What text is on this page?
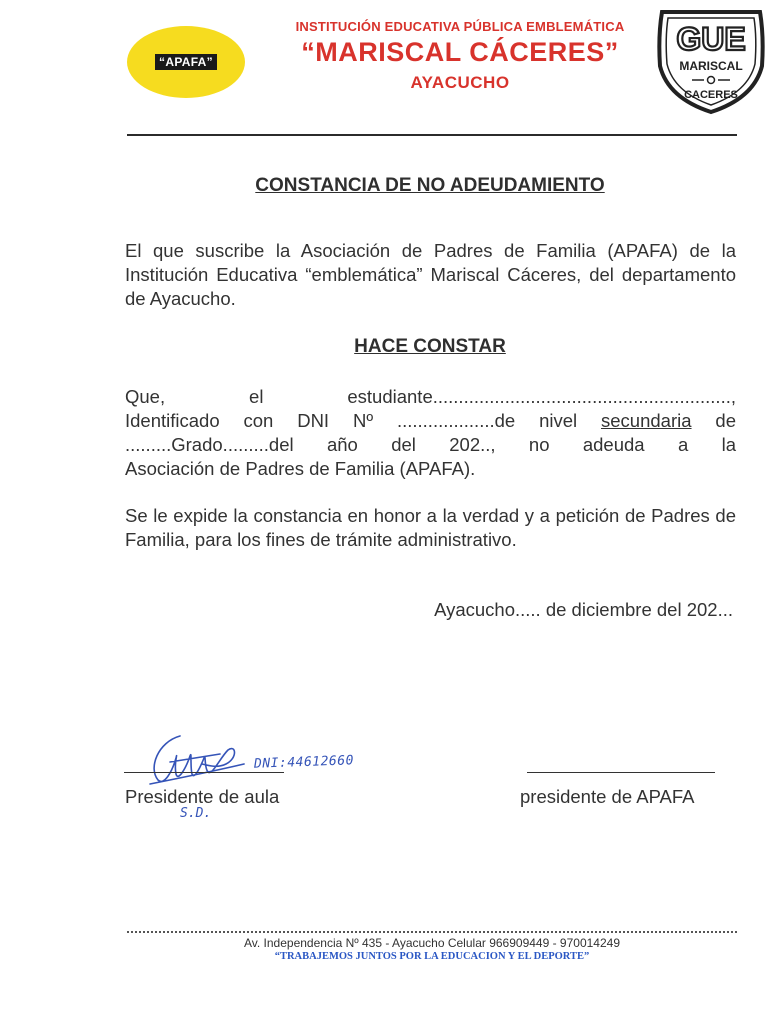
“APAFA”
INSTITUCIÓN EDUCATIVA PÚBLICA EMBLEMÁTICA
“MARISCAL CÁCERES”
AYACUCHO
GUE
MARISCAL
CACERES
CONSTANCIA DE NO ADEUDAMIENTO
El que suscribe la Asociación de Padres de Familia (APAFA) de la Institución Educativa “emblemática” Mariscal Cáceres, del departamento de Ayacucho.
HACE CONSTAR
Que, el estudiante..........................................................,
Identificado con DNI Nº ...................de nivel secundaria de
.........Grado.........del año del 202.., no adeuda a la
Asociación de Padres de Familia (APAFA).
Se le expide la constancia en honor a la verdad y a petición de Padres de Familia, para los fines de trámite administrativo.
Ayacucho..... de diciembre del 202...
DNI:44612660
Presidente de aula	presidente de APAFA
S.D.
Av. Independencia Nº 435 - Ayacucho Celular 966909449 - 970014249
“TRABAJEMOS JUNTOS POR LA EDUCACION Y EL DEPORTE”
